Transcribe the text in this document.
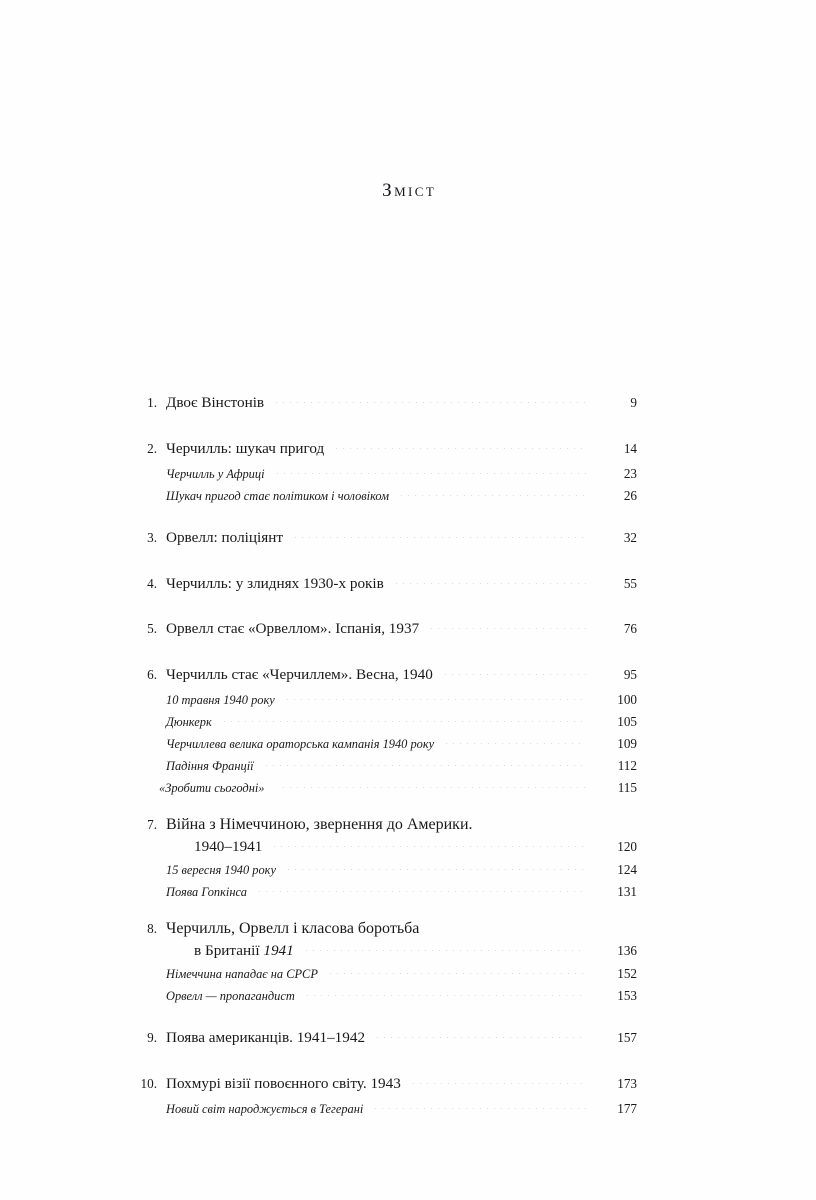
Зміст
1. Двоє Вінстонів	9
2. Черчилль: шукач пригод	14
Черчилль у Африці	23
Шукач пригод стає політиком і чоловіком	26
3. Орвелл: поліціянт	32
4. Черчилль: у злиднях 1930-х років	55
5. Орвелл стає «Орвеллом». Іспанія, 1937	76
6. Черчилль стає «Черчиллем». Весна, 1940	95
10 травня 1940 року	100
Дюнкерк	105
Черчиллева велика ораторська кампанія 1940 року	109
Падіння Франції	112
«Зробити сьогодні»	115
7. Війна з Німеччиною, звернення до Америки.
1940–1941	120
15 вересня 1940 року	124
Поява Гопкінса	131
8. Черчилль, Орвелл і класова боротьба
в Британії 1941	136
Німеччина нападає на СРСР	152
Орвелл — пропагандист	153
9. Поява американців. 1941–1942	157
10. Похмурі візії повоєнного світу. 1943	173
Новий світ народжується в Тегерані	177
